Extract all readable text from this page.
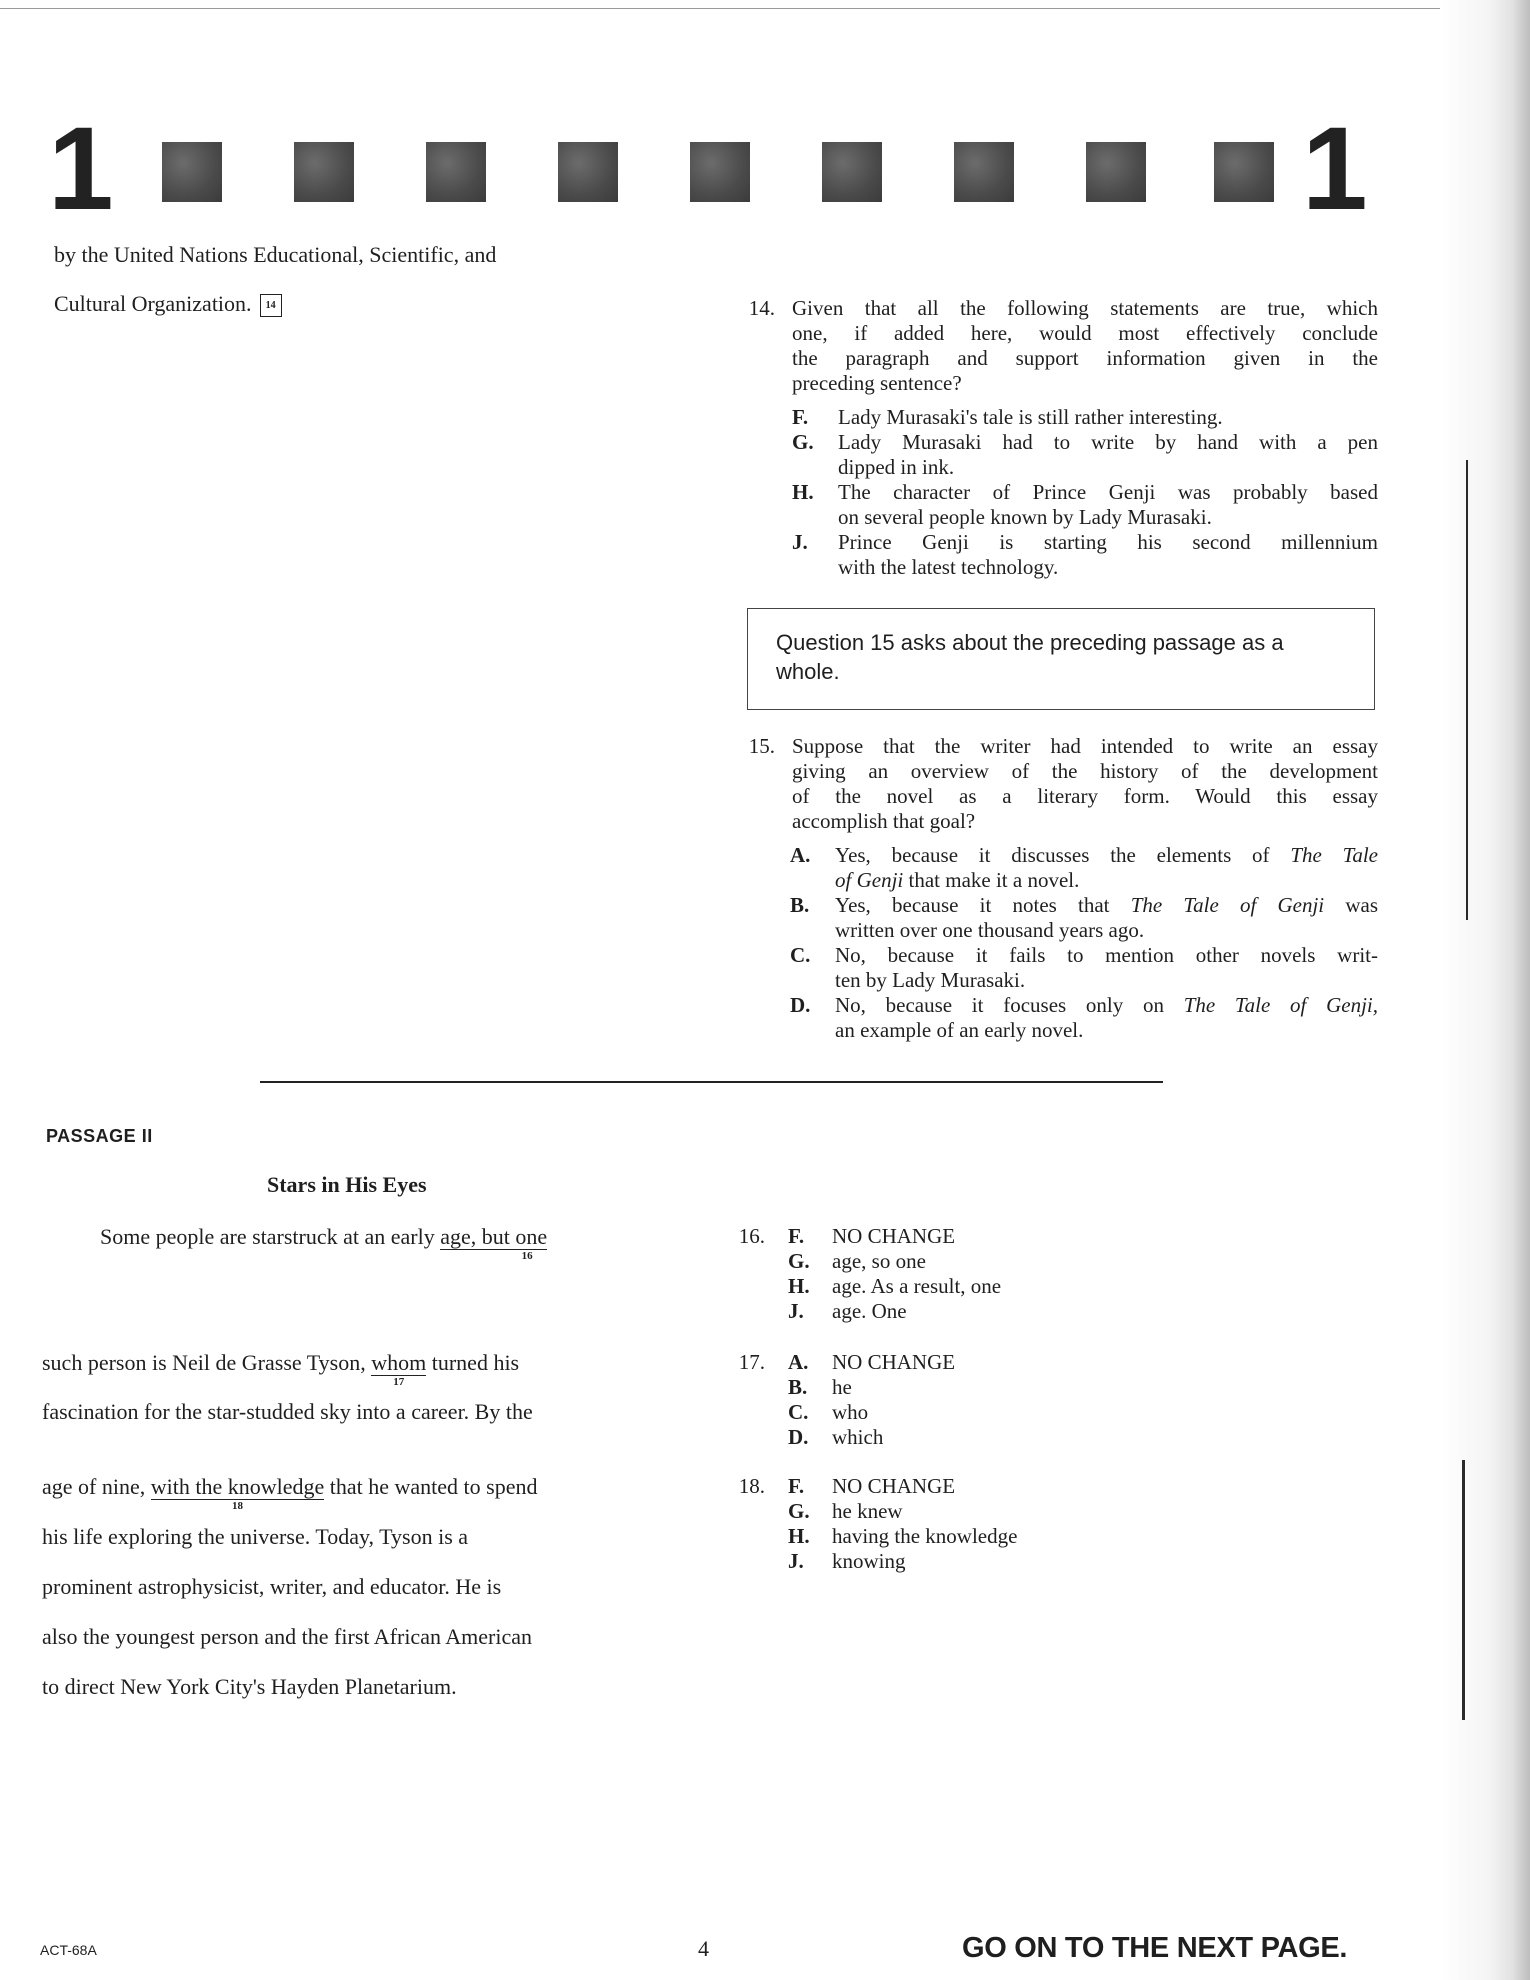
1	1
by the United Nations Educational, Scientific, and
Cultural Organization. 14	14. Given that all the following statements are true, which
one, if added here, would most effectively conclude
the paragraph and support information given in the
preceding sentence?
F. Lady Murasaki's tale is still rather interesting.
G. Lady Murasaki had to write by hand with a pen
dipped in ink.
H. The character of Prince Genji was probably based
on several people known by Lady Murasaki.
J. Prince Genji is starting his second millennium
with the latest technology.
Question 15 asks about the preceding passage as a whole.
15. Suppose that the writer had intended to write an essay
giving an overview of the history of the development
of the novel as a literary form. Would this essay
accomplish that goal?
A. Yes, because it discusses the elements of The Tale
of Genji that make it a novel.
B. Yes, because it notes that The Tale of Genji was
written over one thousand years ago.
C. No, because it fails to mention other novels writ-
ten by Lady Murasaki.
D. No, because it focuses only on The Tale of Genji,
an example of an early novel.
PASSAGE II
Stars in His Eyes
Some people are starstruck at an early age, but one
16
such person is Neil de Grasse Tyson, whom
17
turned his
fascination for the star-studded sky into a career. By the
age of nine, with the knowledge
18
that he wanted to spend
his life exploring the universe. Today, Tyson is a
prominent astrophysicist, writer, and educator. He is
also the youngest person and the first African American
to direct New York City's Hayden Planetarium.
16. F. NO CHANGE
G. age, so one
H. age. As a result, one
J. age. One
17. A. NO CHANGE
B. he
C. who
D. which
18. F. NO CHANGE
G. he knew
H. having the knowledge
J. knowing
ACT-68A	4	GO ON TO THE NEXT PAGE.
